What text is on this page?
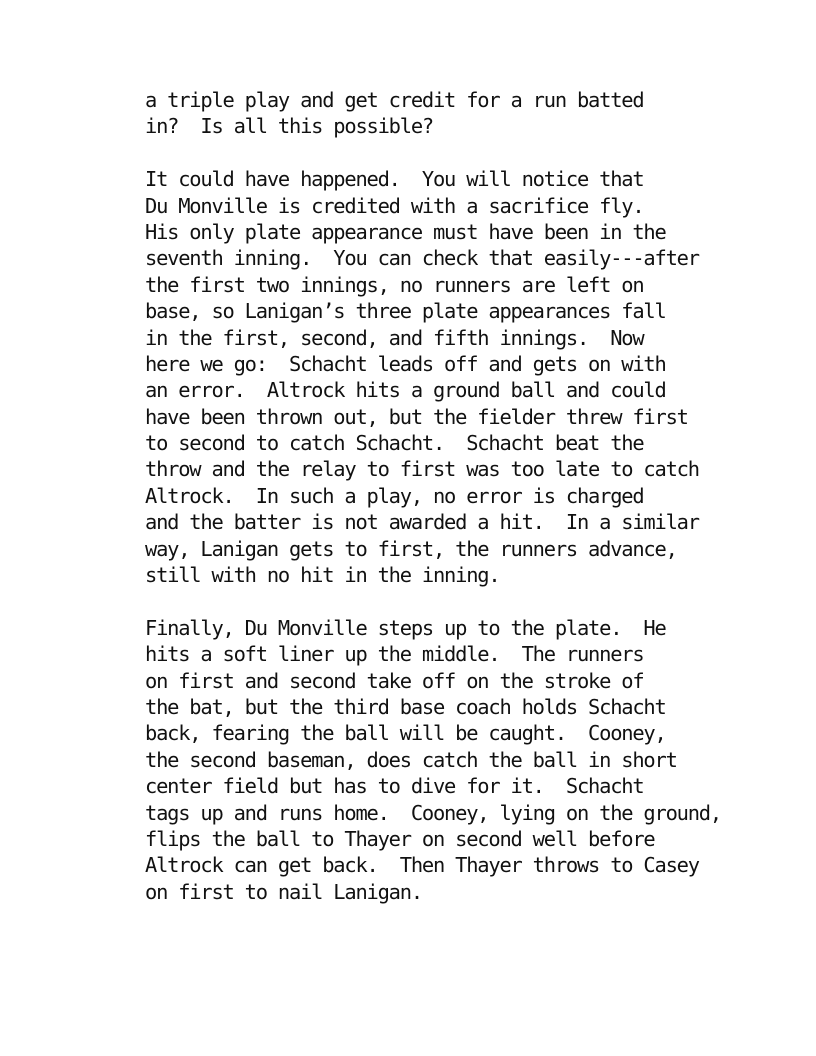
a triple play and get credit for a run batted
in?  Is all this possible?
It could have happened.  You will notice that
Du Monville is credited with a sacrifice fly.
His only plate appearance must have been in the
seventh inning.  You can check that easily---after
the first two innings, no runners are left on
base, so Lanigan’s three plate appearances fall
in the first, second, and fifth innings.  Now
here we go:  Schacht leads off and gets on with
an error.  Altrock hits a ground ball and could
have been thrown out, but the fielder threw first
to second to catch Schacht.  Schacht beat the
throw and the relay to first was too late to catch
Altrock.  In such a play, no error is charged
and the batter is not awarded a hit.  In a similar
way, Lanigan gets to first, the runners advance,
still with no hit in the inning.
Finally, Du Monville steps up to the plate.  He
hits a soft liner up the middle.  The runners
on first and second take off on the stroke of
the bat, but the third base coach holds Schacht
back, fearing the ball will be caught.  Cooney,
the second baseman, does catch the ball in short
center field but has to dive for it.  Schacht
tags up and runs home.  Cooney, lying on the ground,
flips the ball to Thayer on second well before
Altrock can get back.  Then Thayer throws to Casey
on first to nail Lanigan.
